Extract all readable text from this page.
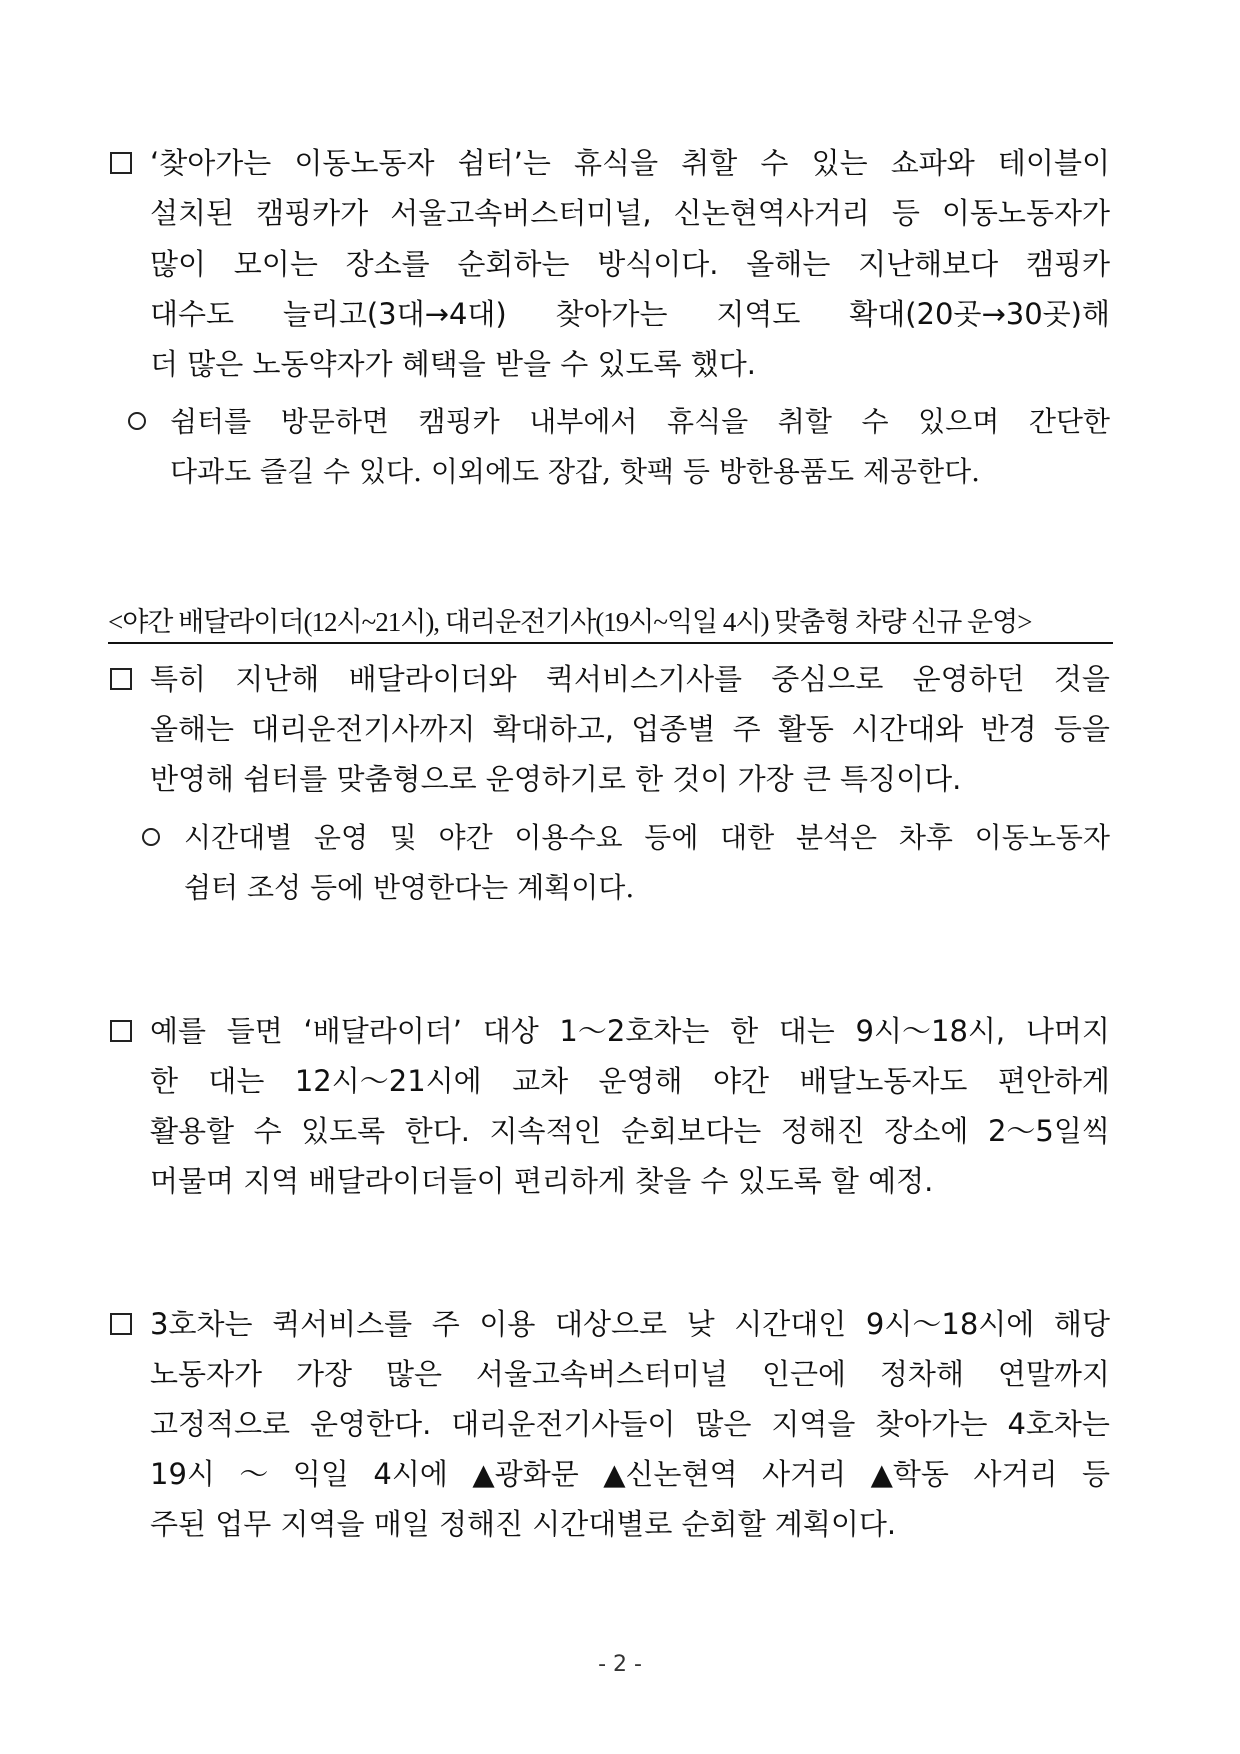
‘찾아가는 이동노동자 쉼터’는 휴식을 취할 수 있는 쇼파와 테이블이
설치된 캠핑카가 서울고속버스터미널, 신논현역사거리 등 이동노동자가
많이 모이는 장소를 순회하는 방식이다. 올해는 지난해보다 캠핑카
대수도 늘리고(3대→4대) 찾아가는 지역도 확대(20곳→30곳)해
더 많은 노동약자가 혜택을 받을 수 있도록 했다.
쉼터를 방문하면 캠핑카 내부에서 휴식을 취할 수 있으며 간단한
다과도 즐길 수 있다. 이외에도 장갑, 핫팩 등 방한용품도 제공한다.
<야간 배달라이더(12시~21시), 대리운전기사(19시~익일 4시) 맞춤형 차량 신규 운영>
특히 지난해 배달라이더와 퀵서비스기사를 중심으로 운영하던 것을
올해는 대리운전기사까지 확대하고, 업종별 주 활동 시간대와 반경 등을
반영해 쉼터를 맞춤형으로 운영하기로 한 것이 가장 큰 특징이다.
시간대별 운영 및 야간 이용수요 등에 대한 분석은 차후 이동노동자
쉼터 조성 등에 반영한다는 계획이다.
예를 들면 ‘배달라이더’ 대상 1～2호차는 한 대는 9시～18시, 나머지
한 대는 12시～21시에 교차 운영해 야간 배달노동자도 편안하게
활용할 수 있도록 한다. 지속적인 순회보다는 정해진 장소에 2～5일씩
머물며 지역 배달라이더들이 편리하게 찾을 수 있도록 할 예정.
3호차는 퀵서비스를 주 이용 대상으로 낮 시간대인 9시～18시에 해당
노동자가 가장 많은 서울고속버스터미널 인근에 정차해 연말까지
고정적으로 운영한다. 대리운전기사들이 많은 지역을 찾아가는 4호차는
19시 ～ 익일 4시에 ▲광화문 ▲신논현역 사거리 ▲학동 사거리 등
주된 업무 지역을 매일 정해진 시간대별로 순회할 계획이다.
- 2 -
